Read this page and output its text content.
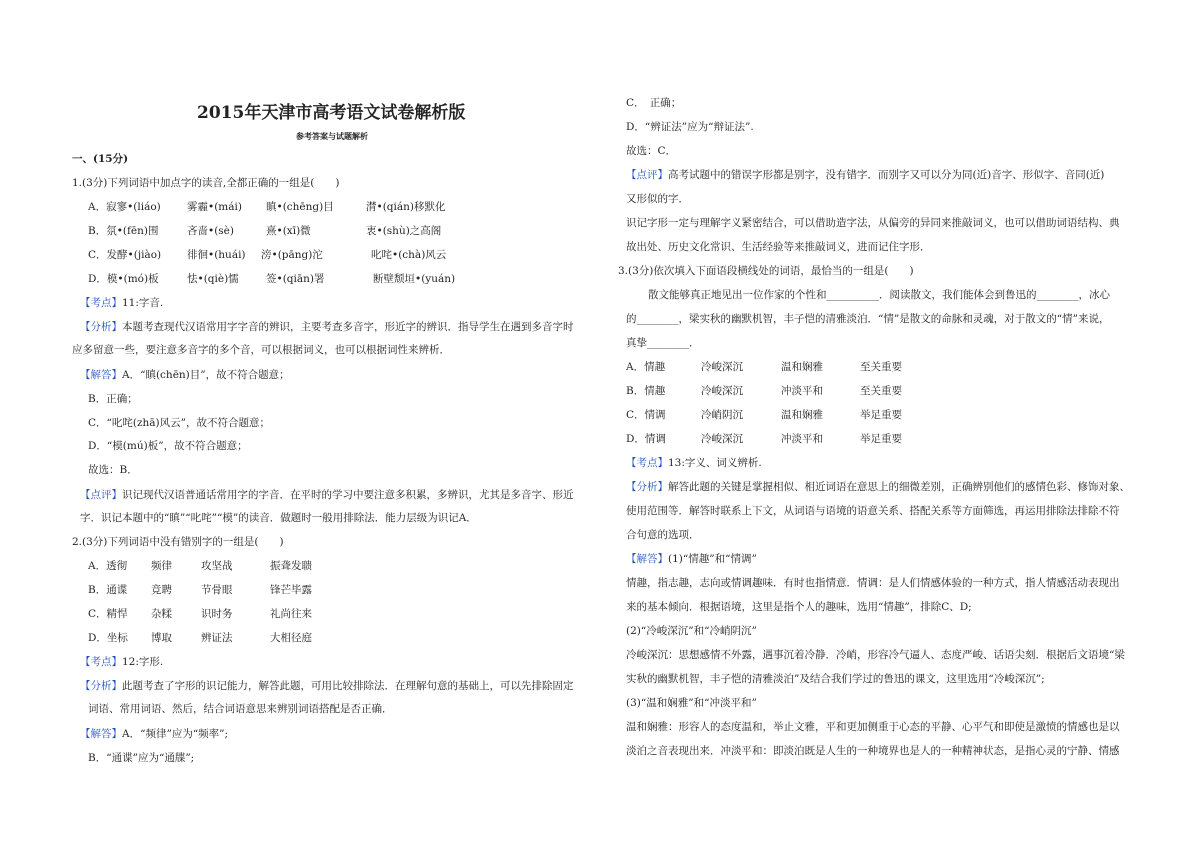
2015年天津市高考语文试卷解析版
参考答案与试题解析
一、(15分)
1.(3分)下列词语中加点字的读音,全都正确的一组是(　　)
A．寂寥•(liáo) 雾霾•(mái) 瞋•(chēng)目	潸•(qián)移默化
B．氛•(fēn)围	吝啬•(sè)	熹•(xī)微	衷•(shù)之高阁
C．发酵•(jiào) 徘徊•(huái) 滂•(pāng)沱	叱咤•(chà)风云
D．模•(mó)板	怯•(qiè)懦	签•(qiān)署	断壁颓垣•(yuán)
【考点】11:字音.
【分析】本题考查现代汉语常用字字音的辨识，主要考查多音字，形近字的辨识．指导学生在遇到多音字时
应多留意一些，要注意多音字的多个音，可以根据词义，也可以根据词性来辨析．
【解答】A．“瞋(chēn)目”，故不符合题意；
B．正确；
C．“叱咤(zhā)风云”，故不符合题意；
D．“模(mú)板”，故不符合题意；
故选：B．
【点评】识记现代汉语普通话常用字的字音．在平时的学习中要注意多积累，多辨识，尤其是多音字、形近
字．识记本题中的“瞋”“叱咤”“模”的读音．做题时一般用排除法．能力层级为识记A．
2.(3分)下列词语中没有错别字的一组是(　　)
A．透彻 频律	攻坚战	振聋发聩
B．通谍 竞聘	节骨眼	锋芒毕露
C．精悍 杂糅	识时务	礼尚往来
D．坐标 博取	辨证法	大相径庭
【考点】12:字形.
【分析】此题考查了字形的识记能力，解答此题，可用比较排除法．在理解句意的基础上，可以先排除固定
词语、常用词语、然后，结合词语意思来辨别词语搭配是否正确．
【解答】A．“频律”应为“频率”;
B．“通谍”应为“通牒”;
C．　正确；
D．“辨证法”应为“辩证法”.
故选：C．
【点评】高考试题中的错误字形都是别字，没有错字．而别字又可以分为同(近)音字、形似字、音同(近)
又形似的字．
识记字形一定与理解字义紧密结合，可以借助造字法，从偏旁的异同来推敲词义，也可以借助词语结构、典
故出处、历史文化常识、生活经验等来推敲词义，进而记住字形．
3.(3分)依次填入下面语段横线处的词语，最恰当的一组是(　　)
散文能够真正地见出一位作家的个性和__________．阅读散文，我们能体会到鲁迅的________，冰心
的________，梁实秋的幽默机智，丰子恺的清雅淡泊．“情”是散文的命脉和灵魂，对于散文的“情”来说，
真挚________．
A．情趣	冷峻深沉	温和娴雅	至关重要
B．情趣	冷峻深沉	冲淡平和	至关重要
C．情调	冷峭阴沉	温和娴雅	举足重要
D．情调	冷峻深沉	冲淡平和	举足重要
【考点】13:字义、词义辨析.
【分析】解答此题的关键是掌握相似、相近词语在意思上的细微差别，正确辨别他们的感情色彩、修饰对象、
使用范围等．解答时联系上下文，从词语与语境的语意关系、搭配关系等方面筛选，再运用排除法排除不符
合句意的选项．
【解答】(1)“情趣”和“情调”
情趣，指志趣，志向或情调趣味．有时也指情意．情调：是人们情感体验的一种方式，指人情感活动表现出
来的基本倾向．根据语境，这里是指个人的趣味，选用“情趣”，排除C、D;
(2)“冷峻深沉”和“冷峭阴沉”
冷峻深沉：思想感情不外露，遇事沉着冷静．冷峭，形容冷气逼人、态度严峻、话语尖刻．根据后文语境“梁
实秋的幽默机智，丰子恺的清雅淡泊”及结合我们学过的鲁迅的课文，这里选用“冷峻深沉”;
(3)“温和娴雅”和“冲淡平和”
温和娴雅：形容人的态度温和，举止文雅，平和更加侧重于心态的平静、心平气和即使是激愤的情感也是以
淡泊之音表现出来．冲淡平和：即淡泊既是人生的一种境界也是人的一种精神状态，是指心灵的宁静、情感
